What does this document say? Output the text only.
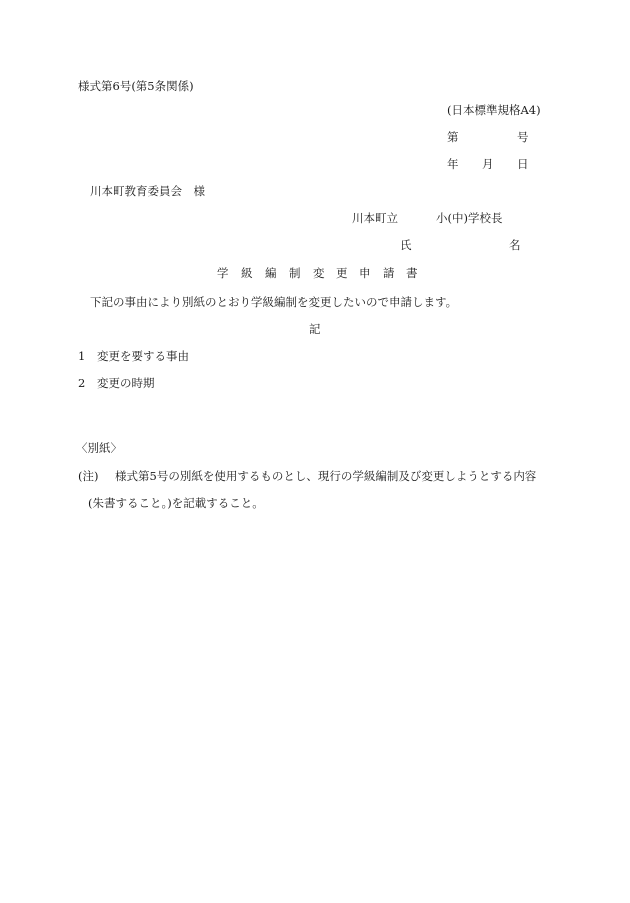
様式第6号(第5条関係)
(日本標準規格A4)
第	号
年 月 日
川本町教育委員会　様
川本町立	小(中)学校長
氏	名
学 級 編 制 変 更 申 請 書
下記の事由により別紙のとおり学級編制を変更したいので申請します。
記
1 変更を要する事由
2 変更の時期
〈別紙〉
(注) 様式第5号の別紙を使用するものとし、現行の学級編制及び変更しようとする内容
(朱書すること。)を記載すること。
